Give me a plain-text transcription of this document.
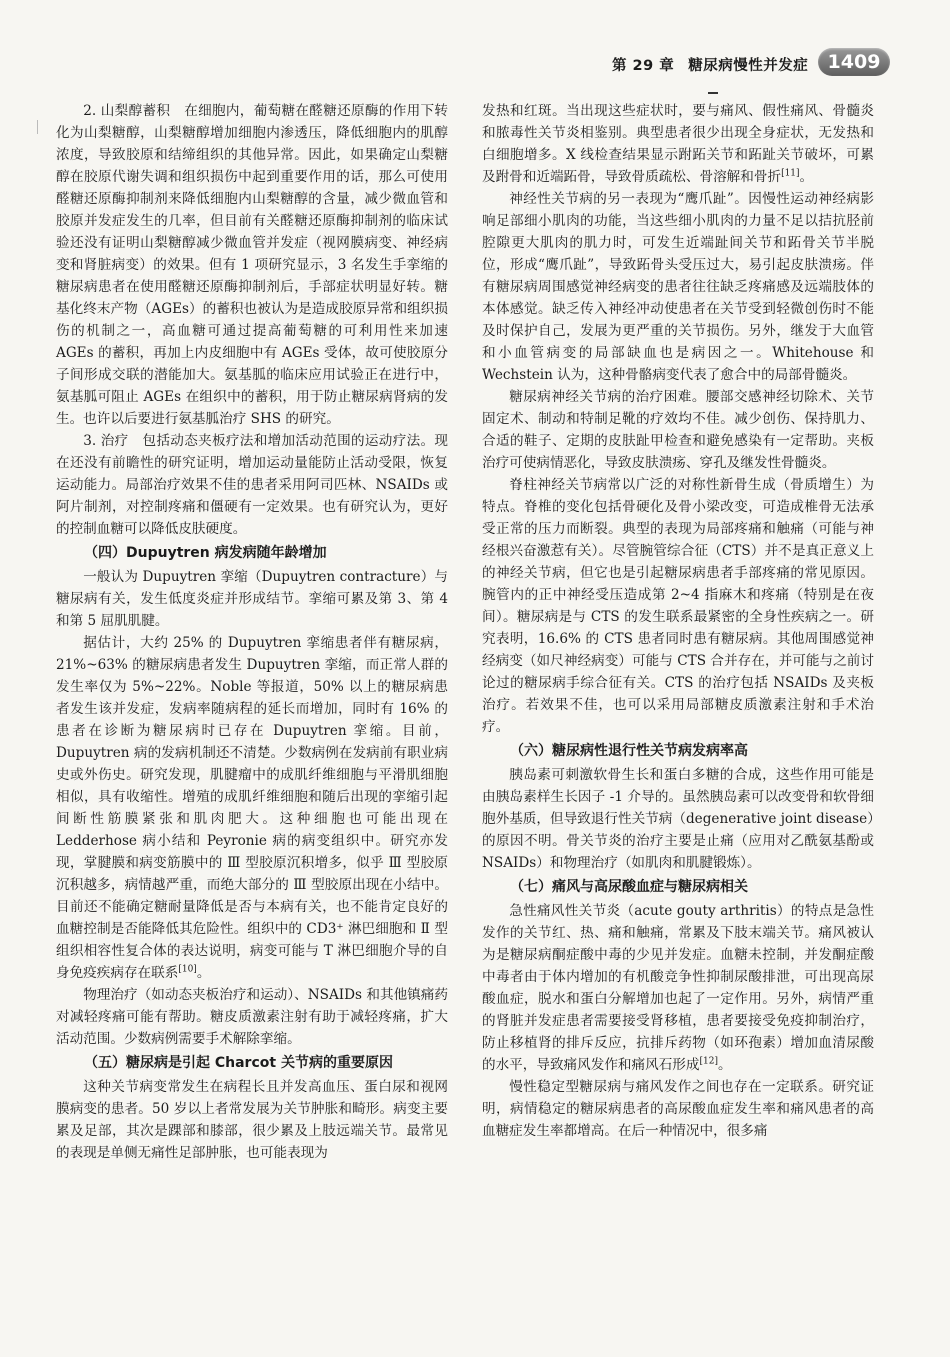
第 29 章 糖尿病慢性并发症	1409

2. 山梨醇蓄积　在细胞内，葡萄糖在醛糖还原酶的作用下转化为山梨糖醇，山梨糖醇增加细胞内渗透压，降低细胞内的肌醇浓度，导致胶原和结缔组织的其他异常。因此，如果确定山梨糖醇在胶原代谢失调和组织损伤中起到重要作用的话，那么可使用醛糖还原酶抑制剂来降低细胞内山梨糖醇的含量，减少微血管和胶原并发症发生的几率，但目前有关醛糖还原酶抑制剂的临床试验还没有证明山梨糖醇减少微血管并发症（视网膜病变、神经病变和肾脏病变）的效果。但有 1 项研究显示，3 名发生手挛缩的糖尿病患者在使用醛糖还原酶抑制剂后，手部症状明显好转。糖基化终末产物（AGEs）的蓄积也被认为是造成胶原异常和组织损伤的机制之一，高血糖可通过提高葡萄糖的可利用性来加速 AGEs 的蓄积，再加上内皮细胞中有 AGEs 受体，故可使胶原分子间形成交联的潜能加大。氨基胍的临床应用试验正在进行中，氨基胍可阻止 AGEs 在组织中的蓄积，用于防止糖尿病肾病的发生。也许以后要进行氨基胍治疗 SHS 的研究。

3. 治疗　包括动态夹板疗法和增加活动范围的运动疗法。现在还没有前瞻性的研究证明，增加运动量能防止活动受限，恢复运动能力。局部治疗效果不佳的患者采用阿司匹林、NSAIDs 或阿片制剂，对控制疼痛和僵硬有一定效果。也有研究认为，更好的控制血糖可以降低皮肤硬度。

（四）Dupuytren 病发病随年龄增加

一般认为 Dupuytren 挛缩（Dupuytren contracture）与糖尿病有关，发生低度炎症并形成结节。挛缩可累及第 3、第 4 和第 5 屈肌肌腱。

据估计，大约 25% 的 Dupuytren 挛缩患者伴有糖尿病，21%~63% 的糖尿病患者发生 Dupuytren 挛缩，而正常人群的发生率仅为 5%~22%。Noble 等报道，50% 以上的糖尿病患者发生该并发症，发病率随病程的延长而增加，同时有 16% 的患者在诊断为糖尿病时已存在 Dupuytren 挛缩。目前，Dupuytren 病的发病机制还不清楚。少数病例在发病前有职业病史或外伤史。研究发现，肌腱瘤中的成肌纤维细胞与平滑肌细胞相似，具有收缩性。增殖的成肌纤维细胞和随后出现的挛缩引起间断性筋膜紧张和肌肉肥大。这种细胞也可能出现在 Ledderhose 病小结和 Peyronie 病的病变组织中。研究亦发现，掌腱膜和病变筋膜中的 Ⅲ 型胶原沉积增多，似乎 Ⅲ 型胶原沉积越多，病情越严重，而绝大部分的 Ⅲ 型胶原出现在小结中。目前还不能确定糖耐量降低是否与本病有关，也不能肯定良好的血糖控制是否能降低其危险性。组织中的 CD3⁺ 淋巴细胞和 Ⅱ 型组织相容性复合体的表达说明，病变可能与 T 淋巴细胞介导的自身免疫疾病存在联系[10]。

物理治疗（如动态夹板治疗和运动）、NSAIDs 和其他镇痛药对减轻疼痛可能有帮助。糖皮质激素注射有助于减轻疼痛，扩大活动范围。少数病例需要手术解除挛缩。

（五）糖尿病是引起 Charcot 关节病的重要原因

这种关节病变常发生在病程长且并发高血压、蛋白尿和视网膜病变的患者。50 岁以上者常发展为关节肿胀和畸形。病变主要累及足部，其次是踝部和膝部，很少累及上肢远端关节。最常见的表现是单侧无痛性足部肿胀，也可能表现为

发热和红斑。当出现这些症状时，要与痛风、假性痛风、骨髓炎和脓毒性关节炎相鉴别。典型患者很少出现全身症状，无发热和白细胞增多。X 线检查结果显示跗跖关节和跖趾关节破坏，可累及跗骨和近端跖骨，导致骨质疏松、骨溶解和骨折[11]。

神经性关节病的另一表现为“鹰爪趾”。因慢性运动神经病影响足部细小肌肉的功能，当这些细小肌肉的力量不足以拮抗胫前腔隙更大肌肉的肌力时，可发生近端趾间关节和跖骨关节半脱位，形成“鹰爪趾”，导致跖骨头受压过大，易引起皮肤溃疡。伴有糖尿病周围感觉神经病变的患者往往缺乏疼痛感及远端肢体的本体感觉。缺乏传入神经冲动使患者在关节受到轻微创伤时不能及时保护自己，发展为更严重的关节损伤。另外，继发于大血管和小血管病变的局部缺血也是病因之一。Whitehouse 和 Wechstein 认为，这种骨骼病变代表了愈合中的局部骨髓炎。

糖尿病神经关节病的治疗困难。腰部交感神经切除术、关节固定术、制动和特制足靴的疗效均不佳。减少创伤、保持肌力、合适的鞋子、定期的皮肤趾甲检查和避免感染有一定帮助。夹板治疗可使病情恶化，导致皮肤溃疡、穿孔及继发性骨髓炎。

脊柱神经关节病常以广泛的对称性新骨生成（骨质增生）为特点。脊椎的变化包括骨硬化及骨小梁改变，可造成椎骨无法承受正常的压力而断裂。典型的表现为局部疼痛和触痛（可能与神经根兴奋激惹有关）。尽管腕管综合征（CTS）并不是真正意义上的神经关节病，但它也是引起糖尿病患者手部疼痛的常见原因。腕管内的正中神经受压造成第 2~4 指麻木和疼痛（特别是在夜间）。糖尿病是与 CTS 的发生联系最紧密的全身性疾病之一。研究表明，16.6% 的 CTS 患者同时患有糖尿病。其他周围感觉神经病变（如尺神经病变）可能与 CTS 合并存在，并可能与之前讨论过的糖尿病手综合征有关。CTS 的治疗包括 NSAIDs 及夹板治疗。若效果不佳，也可以采用局部糖皮质激素注射和手术治疗。

（六）糖尿病性退行性关节病发病率高

胰岛素可刺激软骨生长和蛋白多糖的合成，这些作用可能是由胰岛素样生长因子 -1 介导的。虽然胰岛素可以改变骨和软骨细胞外基质，但导致退行性关节病（degenerative joint disease）的原因不明。骨关节炎的治疗主要是止痛（应用对乙酰氨基酚或 NSAIDs）和物理治疗（如肌肉和肌腱锻炼）。

（七）痛风与高尿酸血症与糖尿病相关

急性痛风性关节炎（acute gouty arthritis）的特点是急性发作的关节红、热、痛和触痛，常累及下肢末端关节。痛风被认为是糖尿病酮症酸中毒的少见并发症。血糖未控制，并发酮症酸中毒者由于体内增加的有机酸竞争性抑制尿酸排泄，可出现高尿酸血症，脱水和蛋白分解增加也起了一定作用。另外，病情严重的肾脏并发症患者需要接受肾移植，患者要接受免疫抑制治疗，防止移植肾的排斥反应，抗排斥药物（如环孢素）增加血清尿酸的水平，导致痛风发作和痛风石形成[12]。

慢性稳定型糖尿病与痛风发作之间也存在一定联系。研究证明，病情稳定的糖尿病患者的高尿酸血症发生率和痛风患者的高血糖症发生率都增高。在后一种情况中，很多痛
